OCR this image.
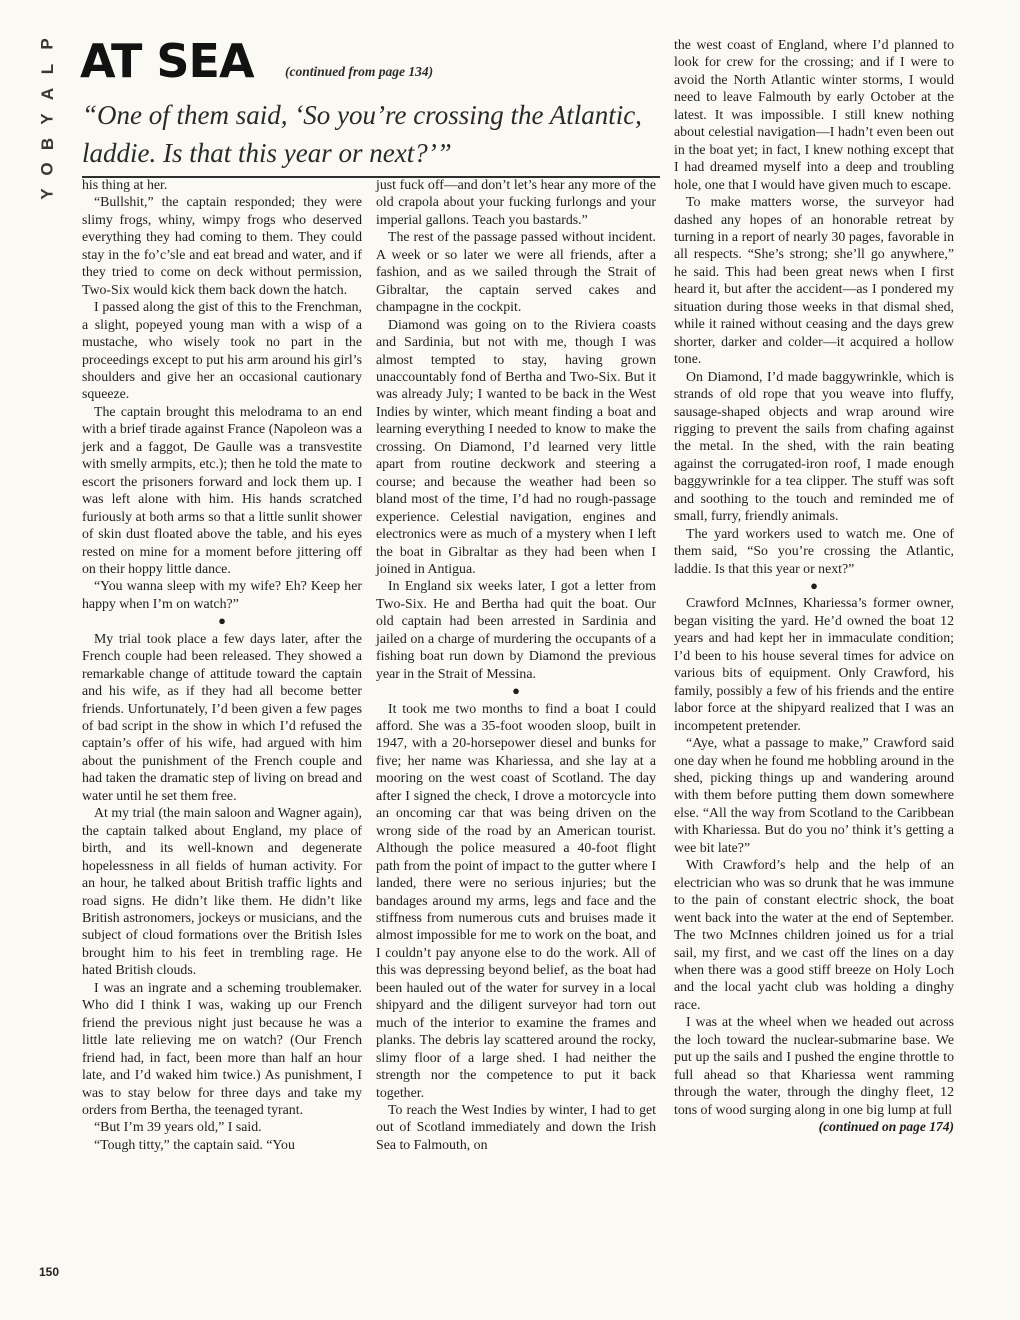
P
L
A
Y
B
O
Y
AT SEA (continued from page 134)
“One of them said, ‘So you’re crossing the Atlantic, laddie. Is that this year or next?’”

his thing at her.

“Bullshit,” the captain responded; they were slimy frogs, whiny, wimpy frogs who deserved everything they had coming to them. They could stay in the fo’c’sle and eat bread and water, and if they tried to come on deck without permission, Two-Six would kick them back down the hatch.

I passed along the gist of this to the Frenchman, a slight, popeyed young man with a wisp of a mustache, who wisely took no part in the proceedings except to put his arm around his girl’s shoulders and give her an occasional cautionary squeeze.

The captain brought this melodrama to an end with a brief tirade against France (Napoleon was a jerk and a faggot, De Gaulle was a transvestite with smelly armpits, etc.); then he told the mate to escort the prisoners forward and lock them up. I was left alone with him. His hands scratched furiously at both arms so that a little sunlit shower of skin dust floated above the table, and his eyes rested on mine for a moment before jittering off on their hoppy little dance.

“You wanna sleep with my wife? Eh? Keep her happy when I’m on watch?”

●

My trial took place a few days later, after the French couple had been released. They showed a remarkable change of attitude toward the captain and his wife, as if they had all become better friends. Unfortunately, I’d been given a few pages of bad script in the show in which I’d refused the captain’s offer of his wife, had argued with him about the punishment of the French couple and had taken the dramatic step of living on bread and water until he set them free.

At my trial (the main saloon and Wagner again), the captain talked about England, my place of birth, and its well-known and degenerate hopelessness in all fields of human activity. For an hour, he talked about British traffic lights and road signs. He didn’t like them. He didn’t like British astronomers, jockeys or musicians, and the subject of cloud formations over the British Isles brought him to his feet in trembling rage. He hated British clouds.

I was an ingrate and a scheming troublemaker. Who did I think I was, waking up our French friend the previous night just because he was a little late relieving me on watch? (Our French friend had, in fact, been more than half an hour late, and I’d waked him twice.) As punishment, I was to stay below for three days and take my orders from Bertha, the teenaged tyrant.

“But I’m 39 years old,” I said.

“Tough titty,” the captain said. “You

just fuck off—and don’t let’s hear any more of the old crapola about your fucking furlongs and your imperial gallons. Teach you bastards.”

The rest of the passage passed without incident. A week or so later we were all friends, after a fashion, and as we sailed through the Strait of Gibraltar, the captain served cakes and champagne in the cockpit.

Diamond was going on to the Riviera coasts and Sardinia, but not with me, though I was almost tempted to stay, having grown unaccountably fond of Bertha and Two-Six. But it was already July; I wanted to be back in the West Indies by winter, which meant finding a boat and learning everything I needed to know to make the crossing. On Diamond, I’d learned very little apart from routine deckwork and steering a course; and because the weather had been so bland most of the time, I’d had no rough-passage experience. Celestial navigation, engines and electronics were as much of a mystery when I left the boat in Gibraltar as they had been when I joined in Antigua.

In England six weeks later, I got a letter from Two-Six. He and Bertha had quit the boat. Our old captain had been arrested in Sardinia and jailed on a charge of murdering the occupants of a fishing boat run down by Diamond the previous year in the Strait of Messina.

●

It took me two months to find a boat I could afford. She was a 35-foot wooden sloop, built in 1947, with a 20-horsepower diesel and bunks for five; her name was Khariessa, and she lay at a mooring on the west coast of Scotland. The day after I signed the check, I drove a motorcycle into an oncoming car that was being driven on the wrong side of the road by an American tourist. Although the police measured a 40-foot flight path from the point of impact to the gutter where I landed, there were no serious injuries; but the bandages around my arms, legs and face and the stiffness from numerous cuts and bruises made it almost impossible for me to work on the boat, and I couldn’t pay anyone else to do the work. All of this was depressing beyond belief, as the boat had been hauled out of the water for survey in a local shipyard and the diligent surveyor had torn out much of the interior to examine the frames and planks. The debris lay scattered around the rocky, slimy floor of a large shed. I had neither the strength nor the competence to put it back together.

To reach the West Indies by winter, I had to get out of Scotland immediately and down the Irish Sea to Falmouth, on

the west coast of England, where I’d planned to look for crew for the crossing; and if I were to avoid the North Atlantic winter storms, I would need to leave Falmouth by early October at the latest. It was impossible. I still knew nothing about celestial navigation—I hadn’t even been out in the boat yet; in fact, I knew nothing except that I had dreamed myself into a deep and troubling hole, one that I would have given much to escape.

To make matters worse, the surveyor had dashed any hopes of an honorable retreat by turning in a report of nearly 30 pages, favorable in all respects. “She’s strong; she’ll go anywhere,” he said. This had been great news when I first heard it, but after the accident—as I pondered my situation during those weeks in that dismal shed, while it rained without ceasing and the days grew shorter, darker and colder—it acquired a hollow tone.

On Diamond, I’d made baggywrinkle, which is strands of old rope that you weave into fluffy, sausage-shaped objects and wrap around wire rigging to prevent the sails from chafing against the metal. In the shed, with the rain beating against the corrugated-iron roof, I made enough baggywrinkle for a tea clipper. The stuff was soft and soothing to the touch and reminded me of small, furry, friendly animals.

The yard workers used to watch me. One of them said, “So you’re crossing the Atlantic, laddie. Is that this year or next?”

●

Crawford McInnes, Khariessa’s former owner, began visiting the yard. He’d owned the boat 12 years and had kept her in immaculate condition; I’d been to his house several times for advice on various bits of equipment. Only Crawford, his family, possibly a few of his friends and the entire labor force at the shipyard realized that I was an incompetent pretender.

“Aye, what a passage to make,” Crawford said one day when he found me hobbling around in the shed, picking things up and wandering around with them before putting them down somewhere else. “All the way from Scotland to the Caribbean with Khariessa. But do you no’ think it’s getting a wee bit late?”

With Crawford’s help and the help of an electrician who was so drunk that he was immune to the pain of constant electric shock, the boat went back into the water at the end of September. The two McInnes children joined us for a trial sail, my first, and we cast off the lines on a day when there was a good stiff breeze on Holy Loch and the local yacht club was holding a dinghy race.

I was at the wheel when we headed out across the loch toward the nuclear-submarine base. We put up the sails and I pushed the engine throttle to full ahead so that Khariessa went ramming through the water, through the dinghy fleet, 12 tons of wood surging along in one big lump at full

(continued on page 174)
150
